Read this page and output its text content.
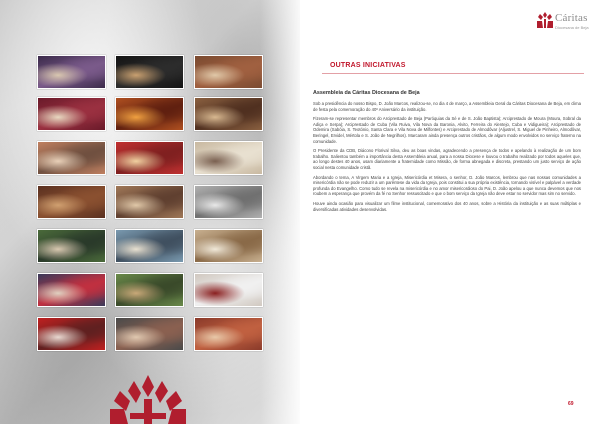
Cáritas
Diocesana de Beja
OUTRAS INICIATIVAS
Assembleia da Cáritas Diocesana de Beja

Sob a presidência do nosso Bispo, D. João Marcos, realizou-se, no dia 4 de março, a Assembleia Geral da Cáritas Diocesana de Beja, em clima de festa pela comemoração do 40º Aniversário da instituição.

Fizeram-se representar membros do Arciprestado de Beja (Paróquias da Sé e de S. João Baptista); Arciprestado de Moura (Moura, Sobral da Adiça e Serpa); Arciprestado de Cuba (Vila Ruiva, Vila Nova da Baronia, Alvito, Ferreira do Alentejo, Cuba e Vidigueira); Arciprestado de Odemira (Sabóia, S. Teotónio, Santa Clara e Vila Nova de Milfontes) e Arciprestado de Almodôvar (Aljustrel, S. Miguel de Pinheiro, Almodôvar, Beringel, Ervidel, Mértola e S. João de Negrilhos). Marcaram ainda presença outros cristãos, de algum modo envolvidos no serviço fraterno na comunidade.

O Presidente da CDB, Diácono Florival Silva, deu as boas vindas, agradecendo a presença de todos e apelando à realização de um bom trabalho. Salientou também a importância desta Assembleia anual, para a nossa Diocese e louvou o trabalho realizado por todos aqueles que, ao longo destes 40 anos, usam diariamente a fraternidade como Missão, de forma abnegada e discreta, prestando um justo serviço de ação social nesta comunidade cristã.

Abordando o tema, A Virgem Maria e a Igreja, Misericórdia et Misera, o senhor, D. João Marcos, lembrou que nas nossas comunidades a misericórdia não se pode reduzir a um parêntese da vida da Igreja, pois constitui a sua própria existência, tornando visível e palpável a verdade profunda do Evangelho. Como tudo se revela na misericórdia e no amor misericordioso do Pai, D. João apelou a que nunca devemos que nos roubem a esperança que provém da fé no Senhor ressuscitado e que o bom serviço da Igreja não deve estar no servidor mas sim no servido.

Houve ainda ocasião para visualizar um filme institucional, comemorativo dos 40 anos, sobre a História da instituição e as suas múltiplas e diversificadas atividades desenvolvidas.

69
